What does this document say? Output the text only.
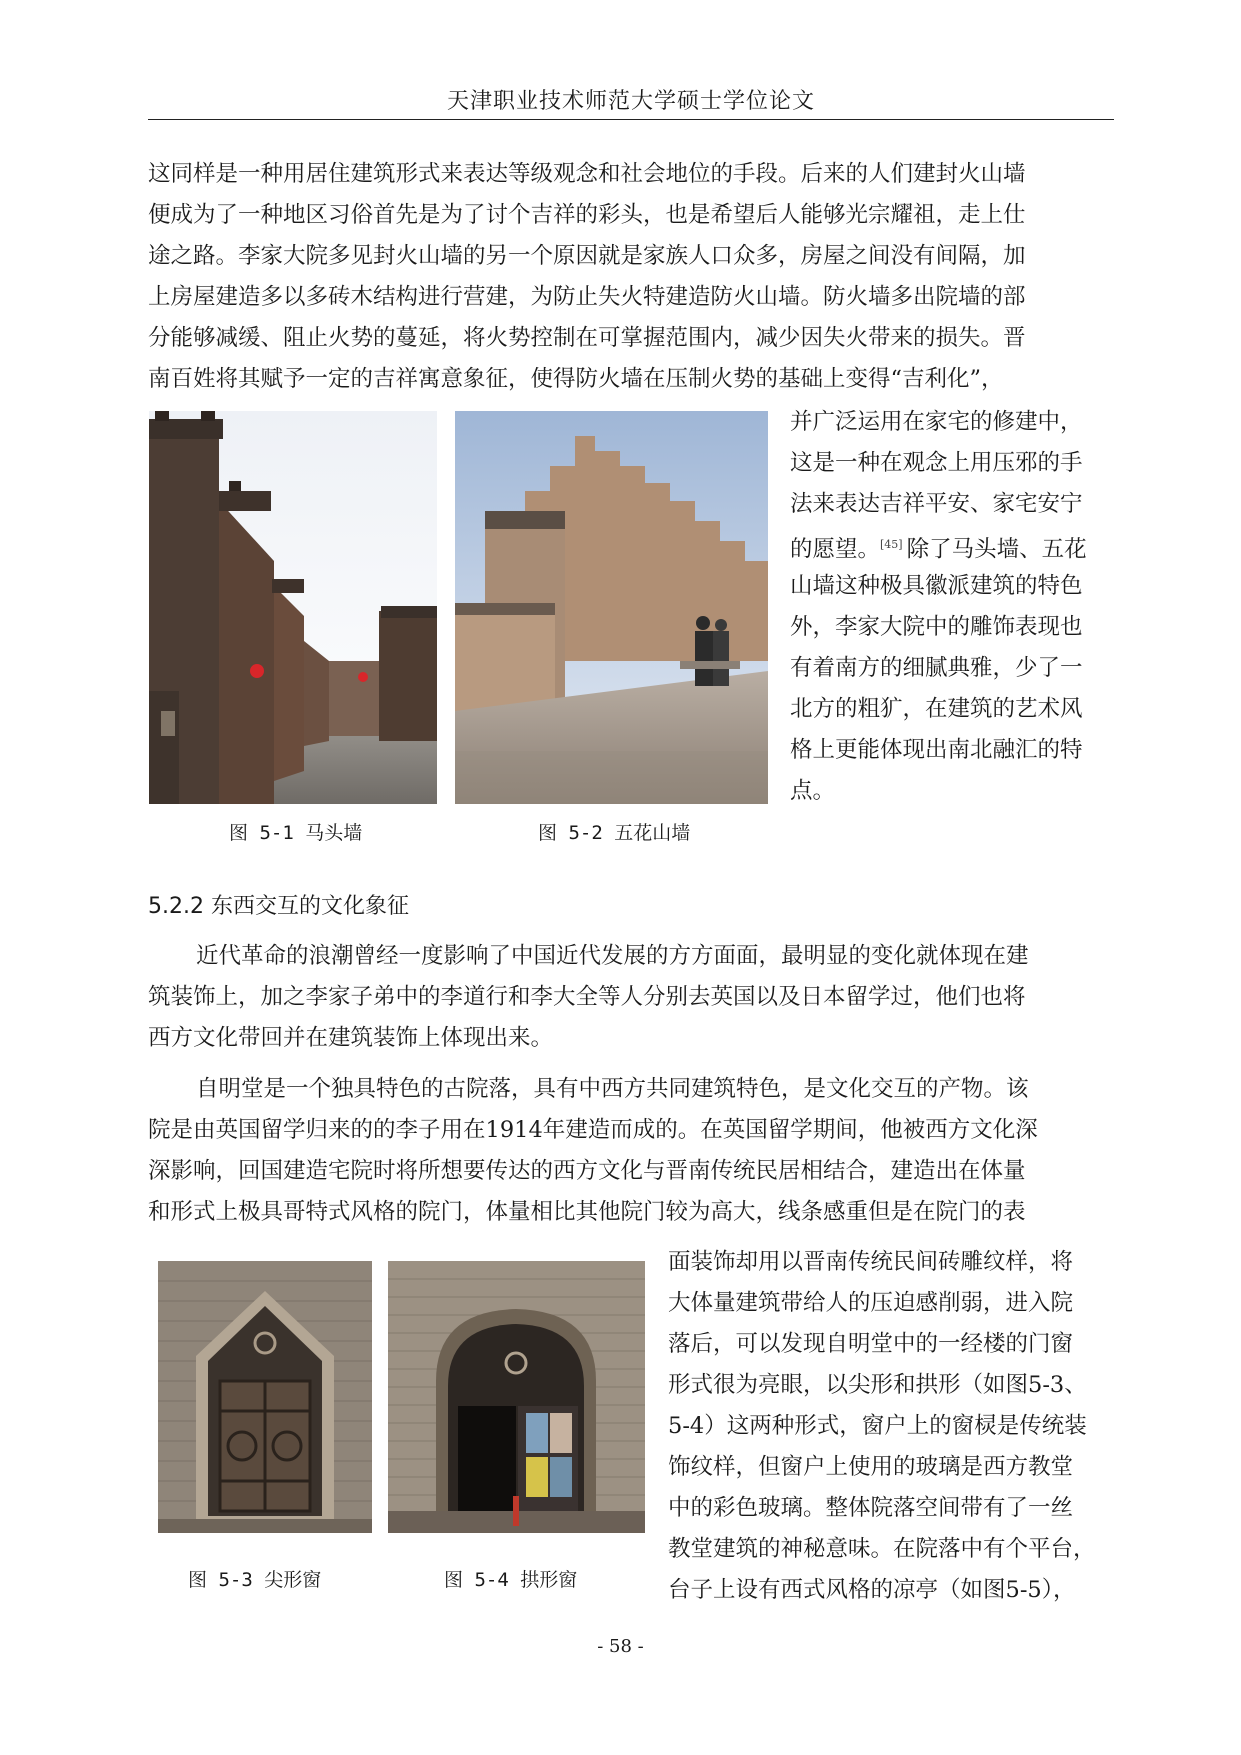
天津职业技术师范大学硕士学位论文
这同样是一种用居住建筑形式来表达等级观念和社会地位的手段。后来的人们建封火山墙
便成为了一种地区习俗首先是为了讨个吉祥的彩头，也是希望后人能够光宗耀祖，走上仕
途之路。李家大院多见封火山墙的另一个原因就是家族人口众多，房屋之间没有间隔，加
上房屋建造多以多砖木结构进行营建，为防止失火特建造防火山墙。防火墙多出院墙的部
分能够减缓、阻止火势的蔓延，将火势控制在可掌握范围内，减少因失火带来的损失。晋
南百姓将其赋予一定的吉祥寓意象征，使得防火墙在压制火势的基础上变得“吉利化”，
图 5-1 马头墙	图 5-2 五花山墙
并广泛运用在家宅的修建中，
这是一种在观念上用压邪的手
法来表达吉祥平安、家宅安宁
的愿望。[45] 除了马头墙、五花
山墙这种极具徽派建筑的特色
外，李家大院中的雕饰表现也
有着南方的细腻典雅，少了一
北方的粗犷，在建筑的艺术风
格上更能体现出南北融汇的特
点。
5.2.2 东西交互的文化象征
近代革命的浪潮曾经一度影响了中国近代发展的方方面面，最明显的变化就体现在建
筑装饰上，加之李家子弟中的李道行和李大全等人分别去英国以及日本留学过，他们也将
西方文化带回并在建筑装饰上体现出来。
自明堂是一个独具特色的古院落，具有中西方共同建筑特色，是文化交互的产物。该
院是由英国留学归来的的李子用在1914年建造而成的。在英国留学期间，他被西方文化深
深影响，回国建造宅院时将所想要传达的西方文化与晋南传统民居相结合，建造出在体量
和形式上极具哥特式风格的院门，体量相比其他院门较为高大，线条感重但是在院门的表
图 5-3 尖形窗	图 5-4 拱形窗
面装饰却用以晋南传统民间砖雕纹样，将
大体量建筑带给人的压迫感削弱，进入院
落后，可以发现自明堂中的一经楼的门窗
形式很为亮眼，以尖形和拱形（如图5-3、
5-4）这两种形式，窗户上的窗棂是传统装
饰纹样，但窗户上使用的玻璃是西方教堂
中的彩色玻璃。整体院落空间带有了一丝
教堂建筑的神秘意味。在院落中有个平台，
台子上设有西式风格的凉亭（如图5-5），
- 58 -
